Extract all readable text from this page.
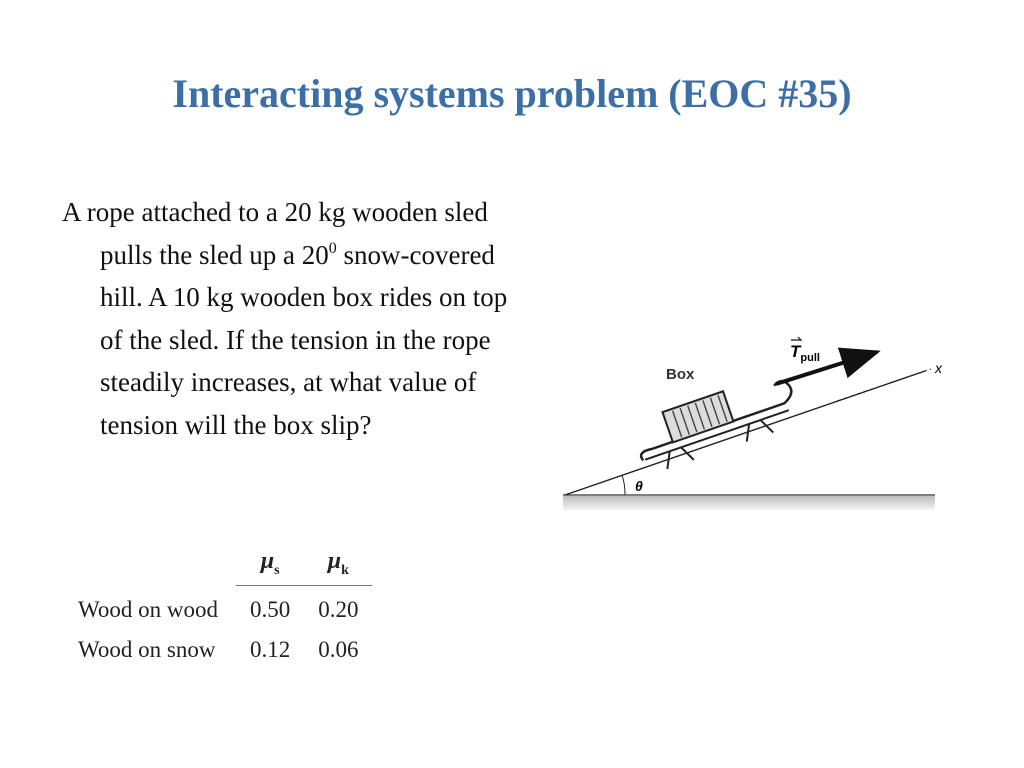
Interacting systems problem (EOC #35)

A rope attached to a 20 kg wooden sled pulls the sled up a $20^0$ snow-covered hill. A 10 kg wooden box rides on top of the sled. If the tension in the rope steadily increases, at what value of tension will the box slip?

	$\mu_s$	$\mu_k$
Wood on wood	0.50	0.20
Wood on snow	0.12	0.06
x
θ
Box
$T_{pull}$
